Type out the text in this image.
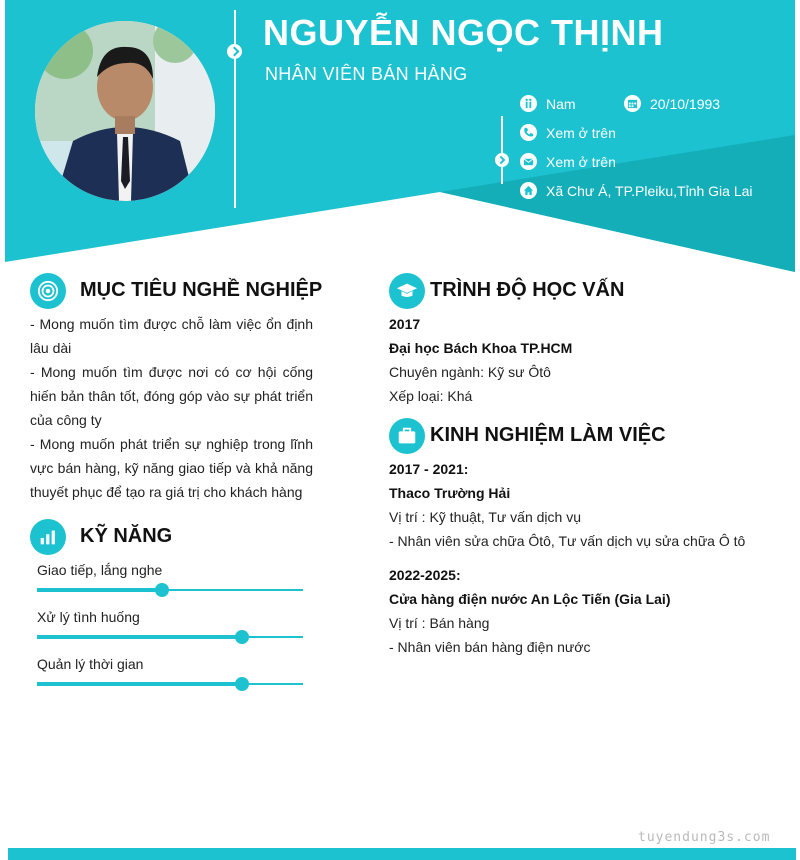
NGUYỄN NGỌC THỊNH
NHÂN VIÊN BÁN HÀNG
Nam	20/10/1993
Xem ở trên
Xem ở trên
Xã Chư Á, TP.Pleiku,Tỉnh Gia Lai
MỤC TIÊU NGHỀ NGHIỆP
- Mong muốn tìm được chỗ làm việc ổn định lâu dài
- Mong muốn tìm được nơi có cơ hội cống hiến bản thân tốt, đóng góp vào sự phát triển của công ty
- Mong muốn phát triển sự nghiệp trong lĩnh vực bán hàng, kỹ năng giao tiếp và khả năng thuyết phục để tạo ra giá trị cho khách hàng
KỸ NĂNG
Giao tiếp, lắng nghe
Xử lý tình huống
Quản lý thời gian
TRÌNH ĐỘ HỌC VẤN
2017
Đại học Bách Khoa TP.HCM
Chuyên ngành: Kỹ sư Ôtô
Xếp loại: Khá
KINH NGHIỆM LÀM VIỆC
2017 - 2021:
Thaco Trường Hải
Vị trí : Kỹ thuật, Tư vấn dịch vụ
- Nhân viên sửa chữa Ôtô, Tư vấn dịch vụ sửa chữa Ô tô
2022-2025:
Cửa hàng điện nước An Lộc Tiến (Gia Lai)
Vị trí : Bán hàng
- Nhân viên bán hàng điện nước
tuyendung3s.com
